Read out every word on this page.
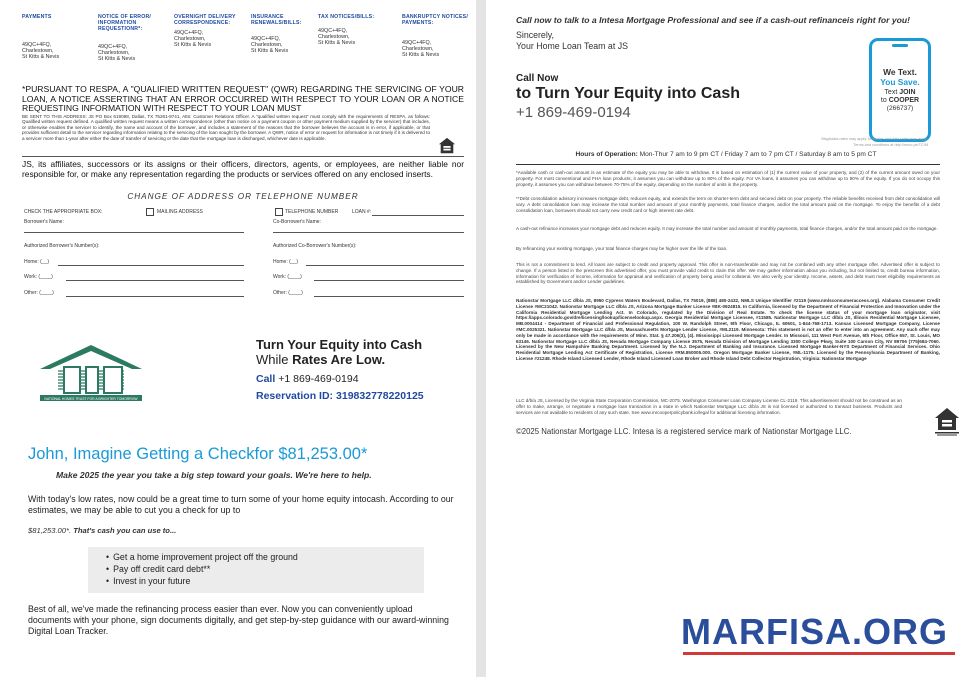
PAYMENTS
49QC+4FQ,
Charlestown,
St Kitts & Nevis
NOTICE OF ERROR/ INFORMATION REQUESTIONR*:
49QC+4FQ,
Charlestown,
St Kitts & Nevis
OVERNIGHT DELIVERY CORRESPONDENCE:
49QC+4FQ,
Charlestown,
St Kitts & Nevis
INSURANCE RENEWALS/BILLS:
49QC+4FQ,
Charlestown,
St Kitts & Nevis
TAX NOTICES/BILLS:
49QC+4FQ,
Charlestown,
St Kitts & Nevis
BANKRUPTCY NOTICES/ PAYMENTS:
49QC+4FQ,
Charlestown,
St Kitts & Nevis
*PURSUANT TO RESPA, A "QUALIFIED WRITTEN REQUEST" (QWR) REGARDING THE SERVICING OF YOUR LOAN, A NOTICE ASSERTING THAT AN ERROR OCCURRED WITH RESPECT TO YOUR LOAN OR A NOTICE REQUESTING INFORMATION WITH RESPECT TO YOUR LOAN MUST
BE SENT TO THIS ADDRESS: JS PO Box 619098, Dallas, TX 75261-9741, Attn: Customer Relations Officer. A "qualified written request" must comply with the requirements of RESPA, as follows: Qualified written request defined. A qualified written request means a written correspondence (other than notice on a payment coupon or other payment medium supplied by the servicer) that includes, or otherwise enables the servicer to identify, the name and account of the borrower, and includes a statement of the reasons that the borrower believes the account is in error, if applicable, or that provides sufficient detail to the servicer regarding information relating to the servicing of the loan sought by the borrower. A QWR, notice of error or request for information is not timely if it is delivered to a servicer more than 1-year after either the date of transfer of servicing or the date that the mortgage loan is discharged, whichever date is applicable.
JS, its affiliates, successors or its assigns or their officers, directors, agents, or employees, are neither liable nor responsible for, or make any representation regarding the products or services offered on any enclosed inserts.
CHANGE OF ADDRESS OR TELEPHONE NUMBER
CHECK THE APPROPRIATE BOX:	MAILING ADDRESS	TELEPHONE NUMBER	LOAN #:
Borrower's Name:	Co-Borrower's Name:
Authorized Borrower's Number(s):	Authorized Co-Borrower's Number(s):
Home: (__)	Home: (__)
Work: (____)	Work: (____)
Other: (____)	Other: (____)
NATIONAL HOMES TRUST FOR A BRIGHTER TOMORROW
Turn Your Equity into Cash
While Rates Are Low.
Call +1 869-469-0194
Reservation ID: 319832778220125
John, Imagine Getting a Checkfor $81,253.00*
Make 2025 the year you take a big step toward your goals. We're here to help.
With today's low rates, now could be a great time to turn some of your home equity intocash. According to our estimates, we may be able to cut you a check for up to
$81,253.00*. That's cash you can use to...
• Get a home improvement project off the ground
• Pay off credit card debt**
• Invest in your future
Best of all, we've made the refinancing process easier than ever. Now you can conveniently upload documents with your phone, sign documents digitally, and get step-by-step guidance with our award-winning Digital Loan Tracker.
Call now to talk to a Intesa Mortgage Professional and see if a cash-out refinanceis right for you!
Sincerely,
Your Home Loan Team at JS
Call Now
to Turn Your Equity into Cash
+1 869-469-0194
We Text.
You Save.
Text JOIN
to COOPER
(266737)
Msg&data rates may apply. Message and data rates may apply.
Terms and conditions at http://mrco.pe/TC/M
Hours of Operation: Mon-Thur 7 am to 9 pm CT / Friday 7 am to 7 pm CT / Saturday 8 am to 5 pm CT
*Available cash or cash-out amount is an estimate of the equity you may be able to withdraw. It is based on estimation of (1) the current value of your property, and (2) of the current amount owed on your property. For most conventional and FHA loan products, it assumes you can withdraw up to 80% of the equity. For VA loans, it assumes you can withdraw up to 90% of the equity. If you do not occupy this property, it assumes you can withdraw between 70-75% of the equity, depending on the number of units in the property.
**Debt consolidation advisory increases mortgage debt, reduces equity, and extends the term on shorter-term debt and secured debt on your property. The reliable benefits received from debt consolidation will vary. A debt consolidation loan may increase the total number and amount of your monthly payments, total finance charges, and/or the total amount paid on the mortgage. To enjoy the benefits of a debt consolidation loan, borrowers should not carry new credit card or high interest rate debt.
A cash-out refinance increases your mortgage debt and reduces equity. It may increase the total number and amount of monthly payments, total finance charges, and/or the total amount paid on the mortgage.
By refinancing your existing mortgage, your total finance charges may be higher over the life of the loan.
This is not a commitment to lend. All loans are subject to credit and property approval. This offer is non-transferable and may not be combined with any other mortgage offer. Advertised offer is subject to change. If a person listed in the prescreen this advertised offer, you must provide valid credit to claim this offer. We may gather information about you including, but not limited to, credit bureau information, information for verification of income, information for appraisal and verification of property being used for collateral. We also verify your identity. Income, assets, and debt must meet eligibility requirements as established by Government and/or Lender guidelines.
Nationstar Mortgage LLC d/b/a JS, 8950 Cypress Waters Boulevard, Dallas, TX 75019, (888) 480-2432, NMLS Unique Identifier #2119 (www.nmlsconsumeraccess.org). Alabama Consumer Credit License #MC21042. Nationstar Mortgage LLC d/b/a JS, Arizona Mortgage Banker License #BK-0924815. In California, licensed by the Department of Financial Protection and Innovation under the California Residential Mortgage Lending Act. In Colorado, regulated by the Division of Real Estate. To check the license status of your mortgage loan originator, visit https://apps.colorado.gov/dre/licensing/lookup/licenselookup.aspx. Georgia Residential Mortgage Licensee, #11585. Nationstar Mortgage LLC d/b/a JS, Illinois Residential Mortgage Licensee, MB.0004414 - Department of Financial and Professional Regulation, 100 W. Randolph Street, 9th Floor, Chicago, IL 60601, 1-844-768-1713. Kansas Licensed Mortgage Company, License #MC.0025321. Nationstar Mortgage LLC d/b/a JS, Massachusetts Mortgage Lender License, #ML2119. Minnesota: This statement is not an offer to enter into an agreement. Any such offer may only be made in accordance with the requirements of Minn. Stat. § 47.206(3), (4). Mississippi Licensed Mortgage Lender. In Missouri, 111 West Port Avenue, 6th Floor, Office 657, St. Louis, MO 63146. Nationstar Mortgage LLC d/b/a JS, Nevada Mortgage Company License 3575, Nevada Division of Mortgage Lending 3300 College Pkwy, Suite 100 Carson City, NV 89706 (775)684-7060. Licensed by the New Hampshire Banking Department. Licensed by the N.J. Department of Banking and Insurance. Licensed Mortgage Banker-NYS Department of Financial Services. Ohio Residential Mortgage Lending Act Certificate of Registration, License #RM.850005.000. Oregon Mortgage Banker License, #ML-1175. Licensed by the Pennsylvania Department of Banking, License #21248. Rhode Island Licensed Lender, Rhode Island Licensed Loan Broker and Rhode Island Debt Collector Registration, Virginia: Nationstar Mortgage
LLC d/b/a JS, Licensed by the Virginia State Corporation Commission, MC-2075. Washington Consumer Loan Company License CL-2119. This advertisement should not be construed as an offer to make, arrange, or negotiate a mortgage loan transaction in a state in which Nationstar Mortgage LLC d/b/a JS is not licensed or authorized to transact business. Products and services are not available to residents of any such state. See www.mrcooperpolicybank.io/legal for additional licensing information.
©2025 Nationstar Mortgage LLC. Intesa is a registered service mark of Nationstar Mortgage LLC.
MARFISA.ORG
